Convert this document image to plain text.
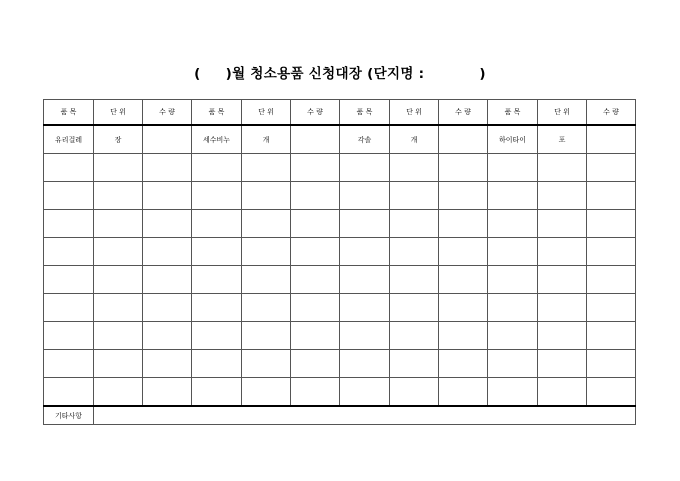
(     )월 청소용품 신청대장 (단지명 :           )
품 목	단 위	수 량	품 목	단 위	수 량	품 목	단 위	수 량	품 목	단 위	수 량
유리걸레	장		세수비누	개		각솔	개		하이타이	포	

기타사항											
